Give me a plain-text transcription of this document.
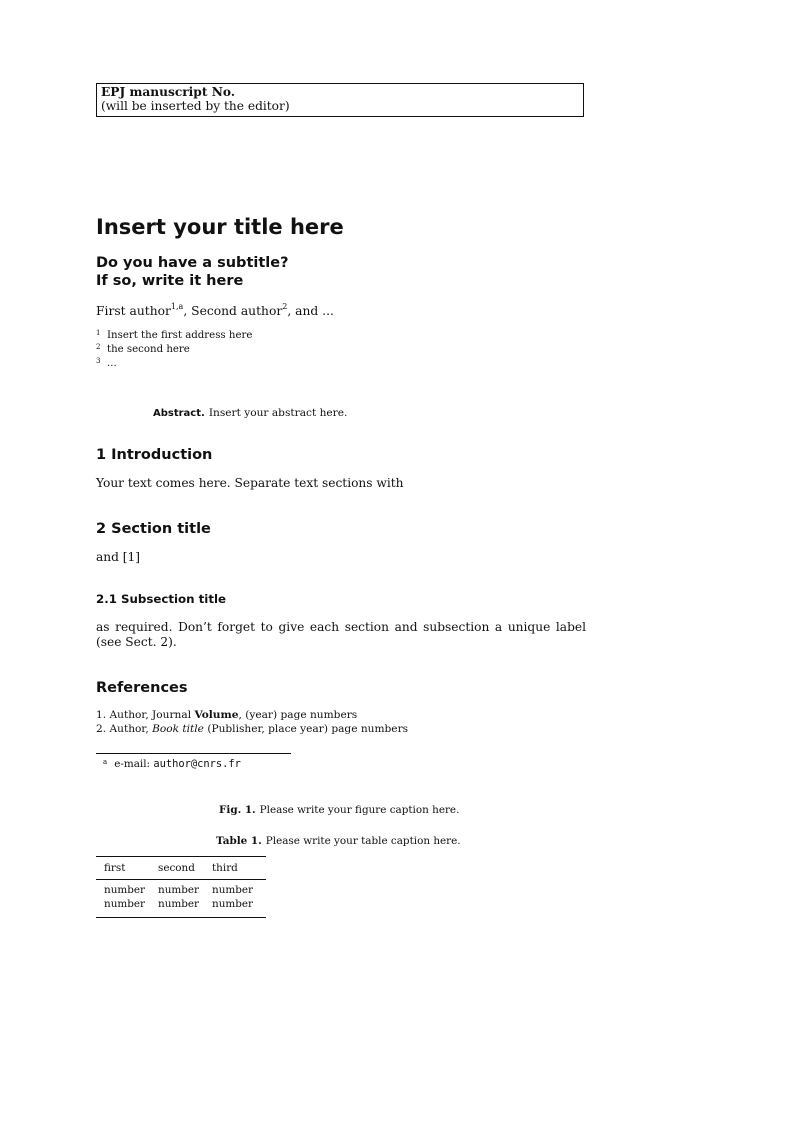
EPJ manuscript No.
(will be inserted by the editor)
Insert your title here
Do you have a subtitle?
If so, write it here
First author$^{1,a}$, Second author$^2$, and ...
1 Insert the first address here
2 the second here
3 ...
Abstract. Insert your abstract here.
1 Introduction
Your text comes here. Separate text sections with
2 Section title
and [1]
2.1 Subsection title
as required. Don’t forget to give each section and subsection a unique label (see Sect. 2).
References
1. Author, Journal Volume, (year) page numbers
2. Author, Book title (Publisher, place year) page numbers
$^a$ e-mail: author@cnrs.fr
Fig. 1. Please write your figure caption here.
Table 1. Please write your table caption here.
first	second	third
number	number	number
number	number	number
